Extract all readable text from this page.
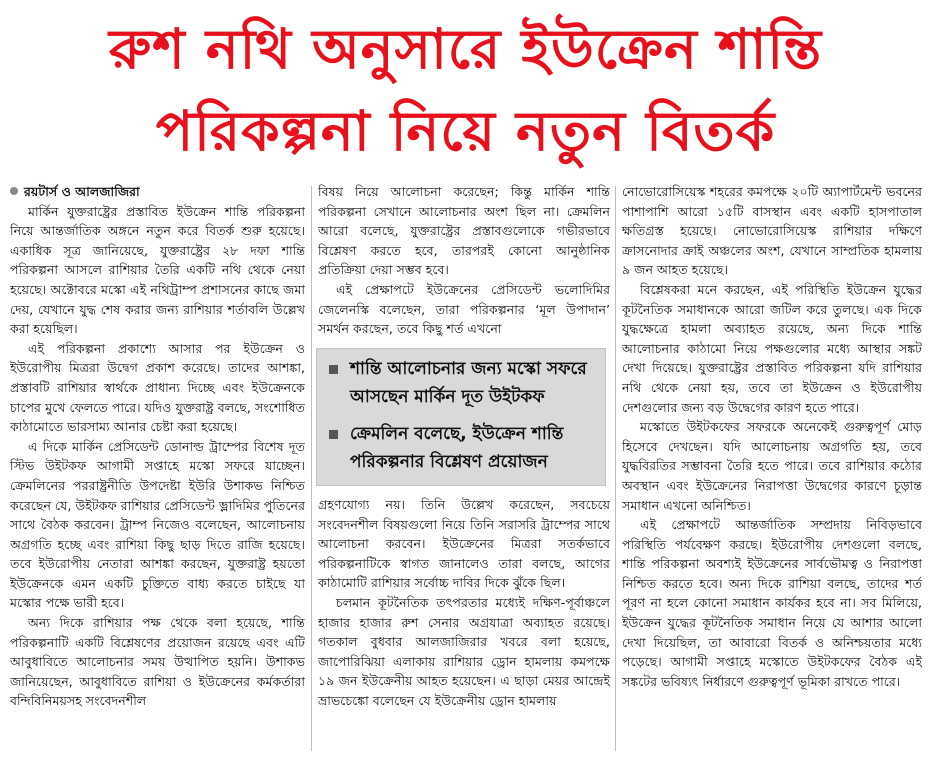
রুশ নথি অনুসারে ইউক্রেন শান্তি
পরিকল্পনা নিয়ে নতুন বিতর্ক

রয়টার্স ও আলজাজিরা

মার্কিন যুক্তরাষ্ট্রের প্রস্তাবিত ইউক্রেন শান্তি পরিকল্পনা নিয়ে আন্তর্জাতিক অঙ্গনে নতুন করে বিতর্ক শুরু হয়েছে। একাধিক সূত্র জানিয়েছে, যুক্তরাষ্ট্রের ২৮ দফা শান্তি পরিকল্পনা আসলে রাশিয়ার তৈরি একটি নথি থেকে নেয়া হয়েছে। অক্টোবরে মস্কো এই নথিট্রাম্প প্রশাসনের কাছে জমা দেয়, যেখানে যুদ্ধ শেষ করার জন্য রাশিয়ার শর্তাবলি উল্লেখ করা হয়েছিল।

এই পরিকল্পনা প্রকাশ্যে আসার পর ইউক্রেন ও ইউরোপীয় মিত্ররা উদ্বেগ প্রকাশ করেছে। তাদের আশঙ্কা, প্রস্তাবটি রাশিয়ার স্বার্থকে প্রাধান্য দিচ্ছে এবং ইউক্রেনকে চাপের মুখে ফেলতে পারে। যদিও যুক্তরাষ্ট্র বলছে, সংশোধিত কাঠামোতে ভারসাম্য আনার চেষ্টা করা হয়েছে।

এ দিকে মার্কিন প্রেসিডেন্ট ডোনাল্ড ট্রাম্পের বিশেষ দূত স্টিভ উইটকফ আগামী সপ্তাহে মস্কো সফরে যাচ্ছেন। ক্রেমলিনের পররাষ্ট্রনীতি উপদেষ্টা ইউরি উশাকভ নিশ্চিত করেছেন যে, উইটকফ রাশিয়ার প্রেসিডেন্ট ভ্লাদিমির পুতিনের সাথে বৈঠক করবেন। ট্রাম্প নিজেও বলেছেন, আলোচনায় অগ্রগতি হচ্ছে এবং রাশিয়া কিছু ছাড় দিতে রাজি হয়েছে। তবে ইউরোপীয় নেতারা আশঙ্কা করছেন, যুক্তরাষ্ট্র হয়তো ইউক্রেনকে এমন একটি চুক্তিতে বাধ্য করতে চাইছে যা মস্কোর পক্ষে ভারী হবে।

অন্য দিকে রাশিয়ার পক্ষ থেকে বলা হয়েছে, শান্তি পরিকল্পনাটি একটি বিশ্লেষণের প্রয়োজন রয়েছে এবং এটি আবুধাবিতে আলোচনার সময় উত্থাপিত হয়নি। উশাকভ জানিয়েছেন, আবুধাবিতে রাশিয়া ও ইউক্রেনের কর্মকর্তারা বন্দিবিনিময়সহ সংবেদনশীল

বিষয় নিয়ে আলোচনা করেছেন; কিন্তু মার্কিন শান্তি পরিকল্পনা সেখানে আলোচনার অংশ ছিল না। ক্রেমলিন আরো বলেছে, যুক্তরাষ্ট্রের প্রস্তাবগুলোকে গভীরভাবে বিশ্লেষণ করতে হবে, তারপরই কোনো আনুষ্ঠানিক প্রতিক্রিয়া দেয়া সম্ভব হবে।

এই প্রেক্ষাপটে ইউক্রেনের প্রেসিডেন্ট ভলোদিমির জেলেনস্কি বলেছেন, তারা পরিকল্পনার ‘মূল উপাদান’ সমর্থন করছেন, তবে কিছু শর্ত এখনো

শান্তি আলোচনার জন্য মস্কো সফরে আসছেন মার্কিন দূত উইটকফ
ক্রেমলিন বলেছে, ইউক্রেন শান্তি পরিকল্পনার বিশ্লেষণ প্রয়োজন

গ্রহণযোগ্য নয়। তিনি উল্লেখ করেছেন, সবচেয়ে সংবেদনশীল বিষয়গুলো নিয়ে তিনি সরাসরি ট্রাম্পের সাথে আলোচনা করবেন। ইউক্রেনের মিত্ররা সতর্কভাবে পরিকল্পনাটিকে স্বাগত জানালেও তারা বলছে, আগের কাঠামোটি রাশিয়ার সর্বোচ্চ দাবির দিকে ঝুঁকে ছিল।

চলমান কূটনৈতিক তৎপরতার মধ্যেই দক্ষিণ-পূর্বাঞ্চলে হাজার হাজার রুশ সেনার অগ্রযাত্রা অব্যাহত রয়েছে। গতকাল বুধবার আলজাজিরার খবরে বলা হয়েছে, জাপোরিঝিয়া এলাকায় রাশিয়ার ড্রোন হামলায় কমপক্ষে ১৯ জন ইউক্রেনীয় আহত হয়েছেন। এ ছাড়া মেয়র আন্দ্রেই ভ্রাভচেঙ্কো বলেছেন যে ইউক্রেনীয় ড্রোন হামলায়

নোভোরোসিয়েস্ক শহরের কমপক্ষে ২০টি অ্যাপার্টমেন্ট ভবনের পাশাপাশি আরো ১৫টি বাসস্থান এবং একটি হাসপাতাল ক্ষতিগ্রস্ত হয়েছে। নোভোরোসিয়েস্ক রাশিয়ার দক্ষিণে ক্রাসনোদার ক্রাই অঞ্চলের অংশ, যেখানে সাম্প্রতিক হামলায় ৯ জন আহত হয়েছে।

বিশ্লেষকরা মনে করছেন, এই পরিস্থিতি ইউক্রেন যুদ্ধের কূটনৈতিক সমাধানকে আরো জটিল করে তুলছে। এক দিকে যুদ্ধক্ষেত্রে হামলা অব্যাহত রয়েছে, অন্য দিকে শান্তি আলোচনার কাঠামো নিয়ে পক্ষগুলোর মধ্যে আস্থার সঙ্কট দেখা দিয়েছে। যুক্তরাষ্ট্রের প্রস্তাবিত পরিকল্পনা যদি রাশিয়ার নথি থেকে নেয়া হয়, তবে তা ইউক্রেন ও ইউরোপীয় দেশগুলোর জন্য বড় উদ্বেগের কারণ হতে পারে।

মস্কোতে উইটকফের সফরকে অনেকেই গুরুত্বপূর্ণ মোড় হিসেবে দেখছেন। যদি আলোচনায় অগ্রগতি হয়, তবে যুদ্ধবিরতির সম্ভাবনা তৈরি হতে পারে। তবে রাশিয়ার কঠোর অবস্থান এবং ইউক্রেনের নিরাপত্তা উদ্বেগের কারণে চূড়ান্ত সমাধান এখনো অনিশ্চিত।

এই প্রেক্ষাপটে আন্তর্জাতিক সম্প্রদায় নিবিড়ভাবে পরিস্থিতি পর্যবেক্ষণ করছে। ইউরোপীয় দেশগুলো বলছে, শান্তি পরিকল্পনা অবশ্যই ইউক্রেনের সার্বভৌমত্ব ও নিরাপত্তা নিশ্চিত করতে হবে। অন্য দিকে রাশিয়া বলছে, তাদের শর্ত পূরণ না হলে কোনো সমাধান কার্যকর হবে না। সব মিলিয়ে, ইউক্রেন যুদ্ধের কূটনৈতিক সমাধান নিয়ে যে আশার আলো দেখা দিয়েছিল, তা আবারো বিতর্ক ও অনিশ্চয়তার মধ্যে পড়েছে। আগামী সপ্তাহে মস্কোতে উইটকফের বৈঠক এই সঙ্কটের ভবিষ্যৎ নির্ধারণে গুরুত্বপূর্ণ ভূমিকা রাখতে পারে।
